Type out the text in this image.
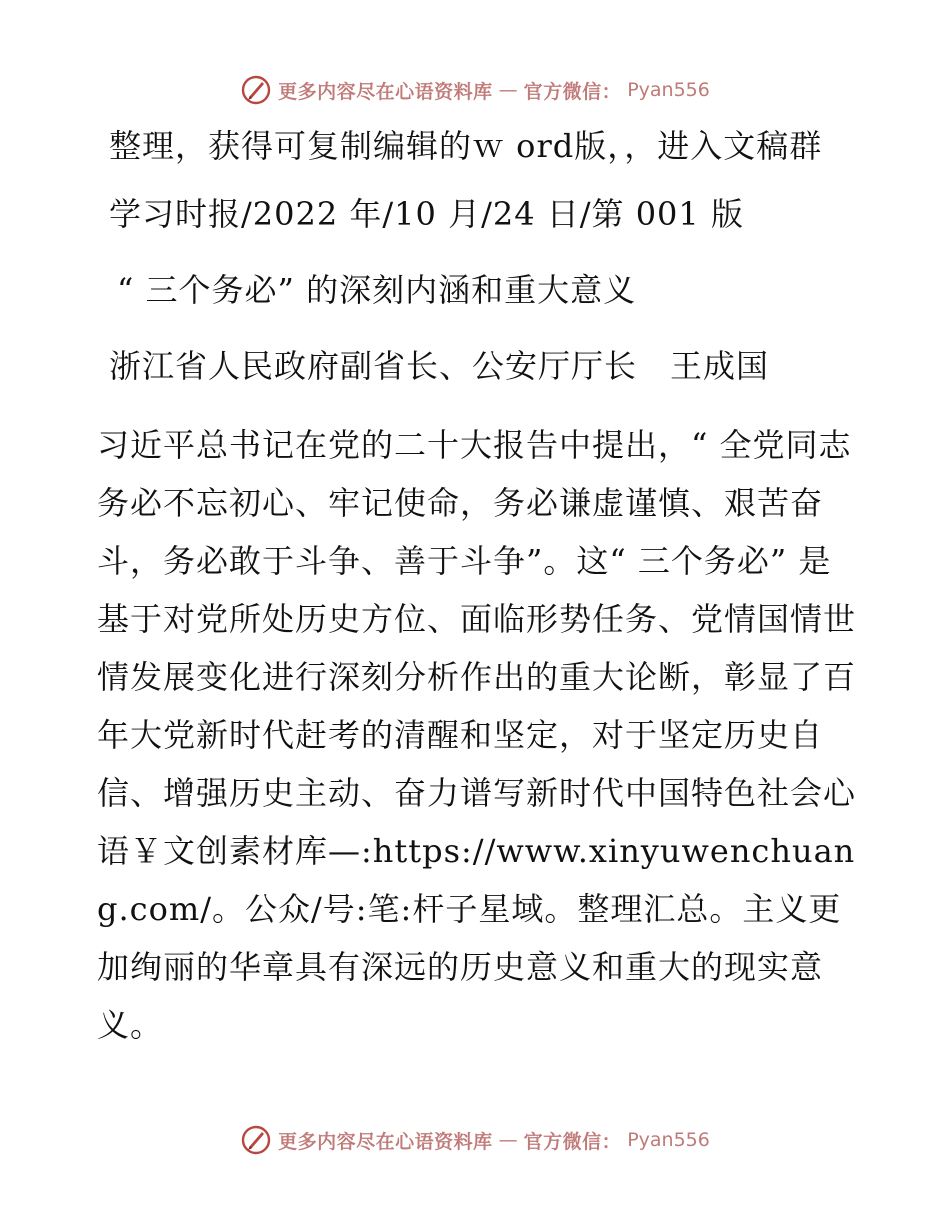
更多内容尽在心语资料库 — 官方微信： Pyan556

整理，获得可复制编辑的ｗ ord版，，进入文稿群

学习时报/2022 年/10 月/24 日/第 001 版

“ 三个务必” 的深刻内涵和重大意义

浙江省人民政府副省长、公安厅厅长　王成国

习近平总书记在党的二十大报告中提出，“ 全党同志务必不忘初心、牢记使命，务必谦虚谨慎、艰苦奋斗，务必敢于斗争、善于斗争”。这“ 三个务必” 是基于对党所处历史方位、面临形势任务、党情国情世情发展变化进行深刻分析作出的重大论断，彰显了百年大党新时代赶考的清醒和坚定，对于坚定历史自信、增强历史主动、奋力谱写新时代中国特色社会心语￥文创素材库—:https://www.xinyuwenchuang.com/。公众/号:笔:杆子星域。整理汇总。主义更加绚丽的华章具有深远的历史意义和重大的现实意义。

更多内容尽在心语资料库 — 官方微信： Pyan556
